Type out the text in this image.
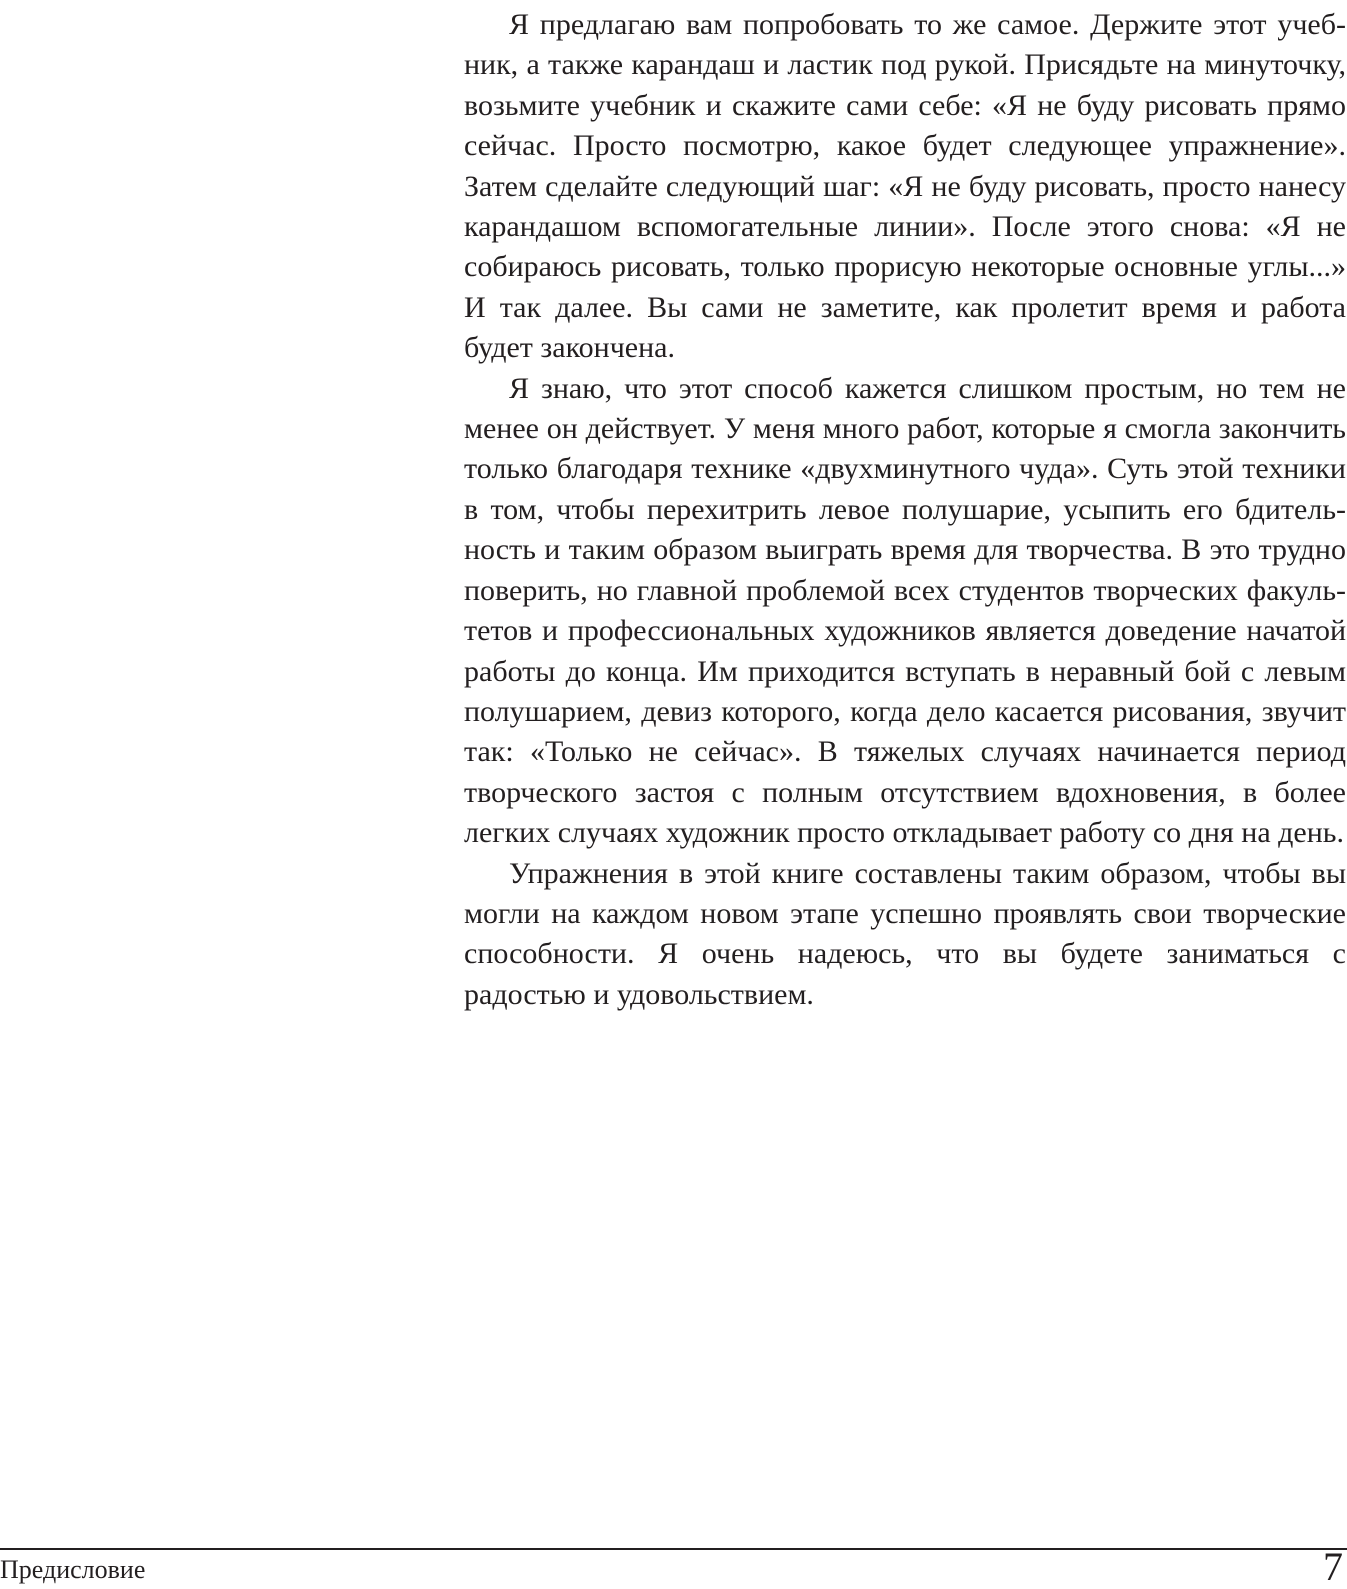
Я предлагаю вам попробовать то же самое. Держите этот учебник, а также карандаш и ластик под рукой. Присядьте на минуточку, возьмите учебник и скажите сами себе: «Я не буду рисовать прямо сейчас. Просто посмотрю, какое будет следующее упражнение». Затем сделайте следующий шаг: «Я не буду рисовать, просто нанесу карандашом вспомогательные линии». После этого снова: «Я не собираюсь рисовать, только прорисую некоторые основные углы...» И так далее. Вы сами не заметите, как пролетит время и работа будет закончена.

Я знаю, что этот способ кажется слишком простым, но тем не менее он действует. У меня много работ, которые я смогла закончить только благодаря технике «двухминутного чуда». Суть этой техники в том, чтобы перехитрить левое полушарие, усыпить его бдительность и таким образом выиграть время для творчества. В это трудно поверить, но главной проблемой всех студентов творческих факультетов и профессиональных художников является доведение начатой работы до конца. Им приходится вступать в неравный бой с левым полушарием, девиз которого, когда дело касается рисования, звучит так: «Только не сейчас». В тяжелых случаях начинается период творческого застоя с полным отсутствием вдохновения, в более легких случаях художник просто откладывает работу со дня на день.

Упражнения в этой книге составлены таким образом, чтобы вы могли на каждом новом этапе успешно проявлять свои творческие способности. Я очень надеюсь, что вы будете заниматься с радостью и удовольствием.

Предисловие	7
